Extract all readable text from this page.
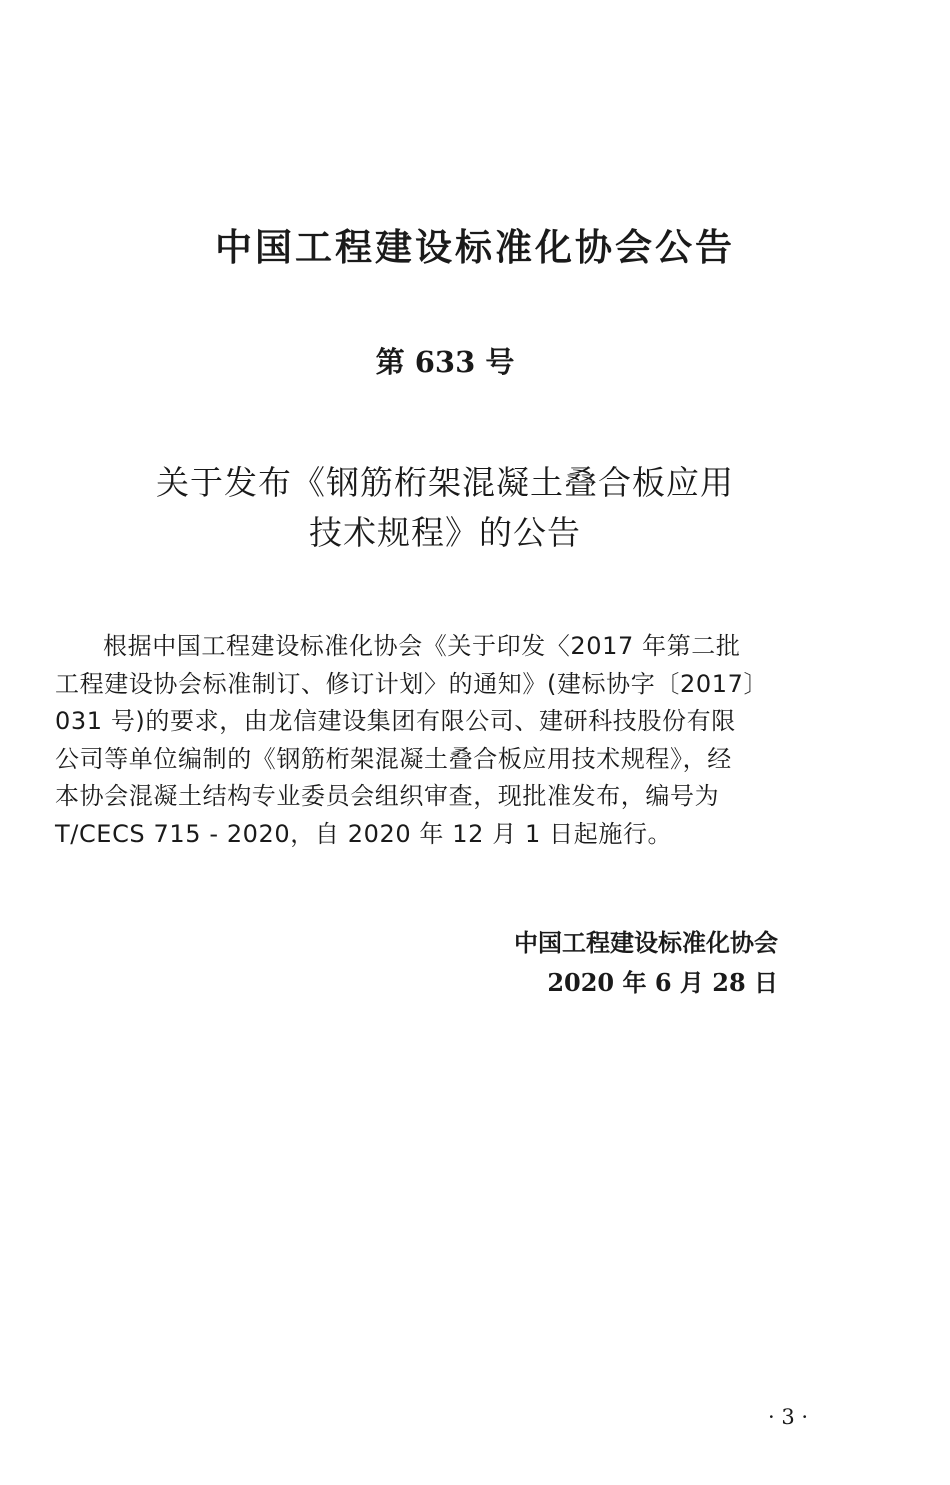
中国工程建设标准化协会公告
第 633 号
关于发布《钢筋桁架混凝土叠合板应用
技术规程》的公告
根据中国工程建设标准化协会《关于印发〈2017 年第二批
工程建设协会标准制订、修订计划〉的通知》(建标协字〔2017〕
031 号)的要求，由龙信建设集团有限公司、建研科技股份有限
公司等单位编制的《钢筋桁架混凝土叠合板应用技术规程》，经
本协会混凝土结构专业委员会组织审查，现批准发布，编号为
T/CECS 715 - 2020，自 2020 年 12 月 1 日起施行。
中国工程建设标准化协会
2020 年 6 月 28 日
· 3 ·
